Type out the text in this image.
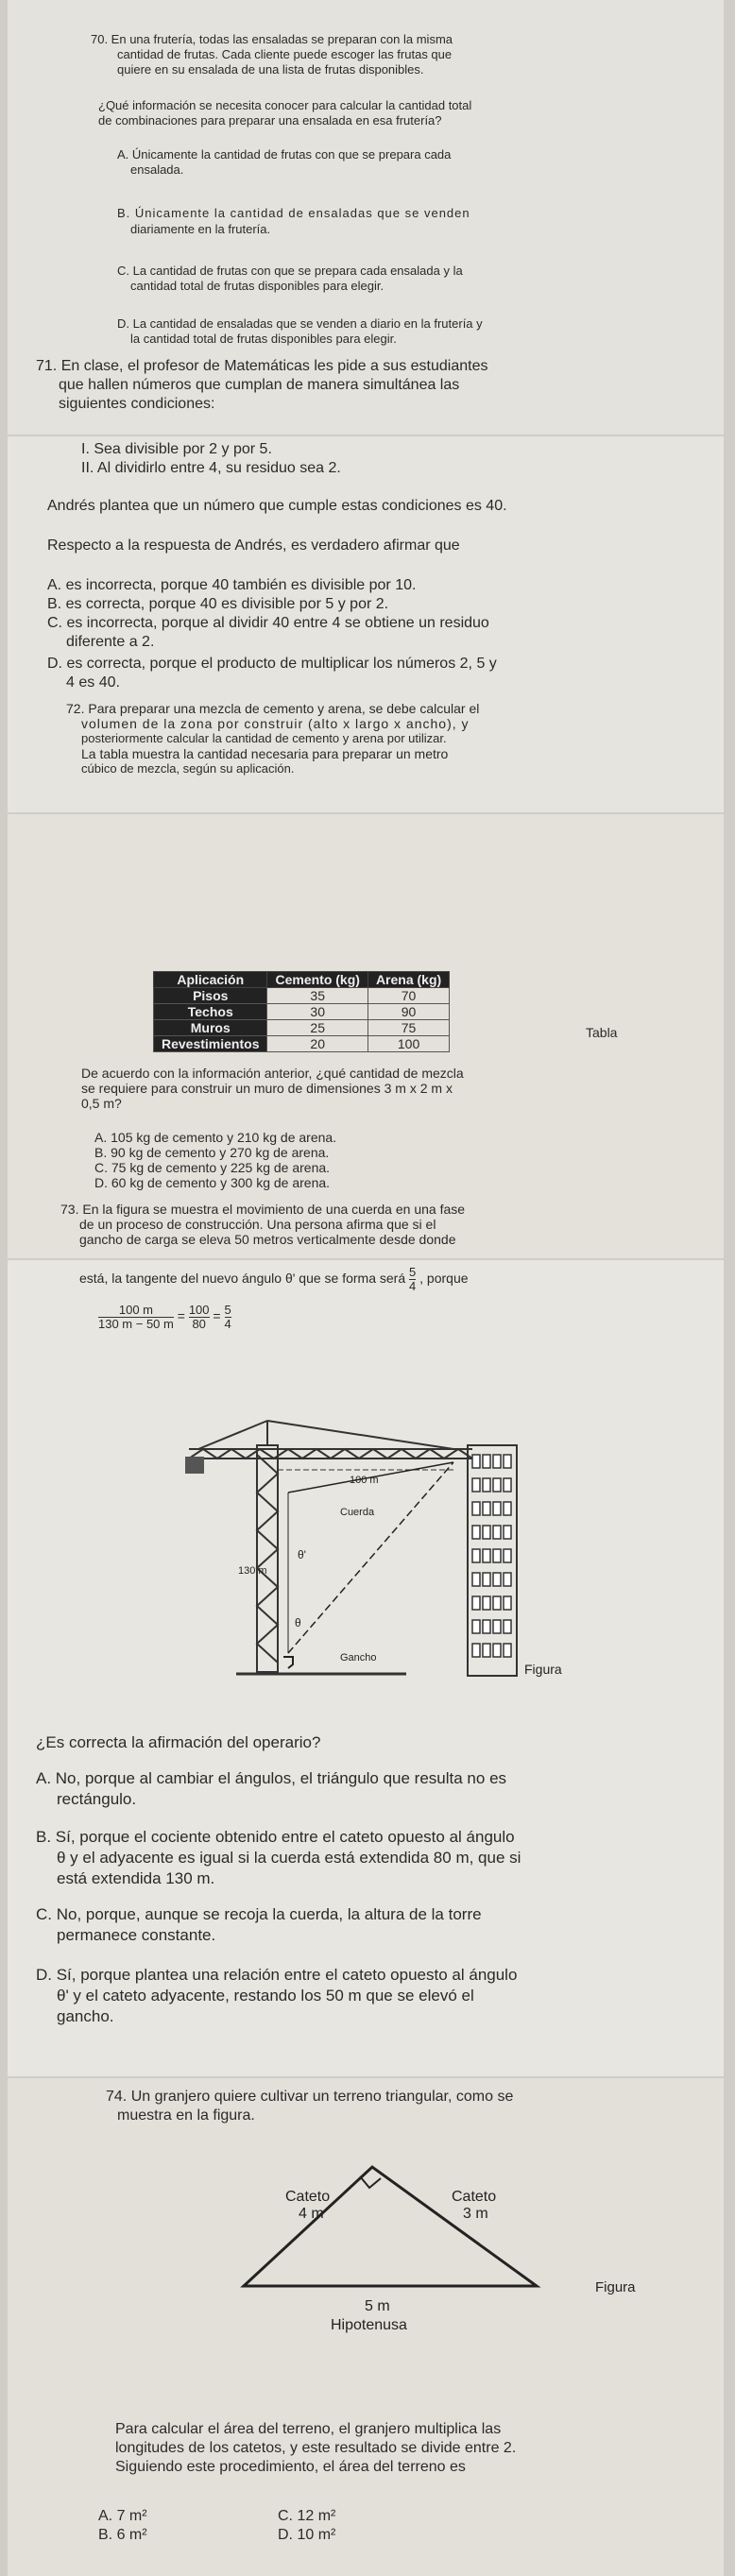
70. En una frutería, todas las ensaladas se preparan con la misma
cantidad de frutas. Cada cliente puede escoger las frutas que
quiere en su ensalada de una lista de frutas disponibles.
¿Qué información se necesita conocer para calcular la cantidad total
de combinaciones para preparar una ensalada en esa frutería?
A. Únicamente la cantidad de frutas con que se prepara cada
ensalada.
B. Únicamente la cantidad de ensaladas que se venden
diariamente en la frutería.
C. La cantidad de frutas con que se prepara cada ensalada y la
cantidad total de frutas disponibles para elegir.
D. La cantidad de ensaladas que se venden a diario en la frutería y
la cantidad total de frutas disponibles para elegir.
71. En clase, el profesor de Matemáticas les pide a sus estudiantes
que hallen números que cumplan de manera simultánea las
siguientes condiciones:
I. Sea divisible por 2 y por 5.
II. Al dividirlo entre 4, su residuo sea 2.
Andrés plantea que un número que cumple estas condiciones es 40.
Respecto a la respuesta de Andrés, es verdadero afirmar que
A. es incorrecta, porque 40 también es divisible por 10.
B. es correcta, porque 40 es divisible por 5 y por 2.
C. es incorrecta, porque al dividir 40 entre 4 se obtiene un residuo
diferente a 2.
D. es correcta, porque el producto de multiplicar los números 2, 5 y
4 es 40.
72. Para preparar una mezcla de cemento y arena, se debe calcular el
volumen de la zona por construir (alto x largo x ancho), y
posteriormente calcular la cantidad de cemento y arena por utilizar.
La tabla muestra la cantidad necesaria para preparar un metro
cúbico de mezcla, según su aplicación.
Aplicación	Cemento (kg)	Arena (kg)
Pisos	35	70
Techos	30	90
Muros	25	75
Revestimientos	20	100
Tabla
De acuerdo con la información anterior, ¿qué cantidad de mezcla
se requiere para construir un muro de dimensiones 3 m x 2 m x
0,5 m?
A. 105 kg de cemento y 210 kg de arena.
B. 90 kg de cemento y 270 kg de arena.
C. 75 kg de cemento y 225 kg de arena.
D. 60 kg de cemento y 300 kg de arena.
73. En la figura se muestra el movimiento de una cuerda en una fase
de un proceso de construcción. Una persona afirma que si el
gancho de carga se eleva 50 metros verticalmente desde donde
está, la tangente del nuevo ángulo θ' que se forma será $\frac{5}{4}$ , porque
$\frac{100 m}{130 m - 50 m} = \frac{100}{80} = \frac{5}{4}$
100 m
Cuerda
130 m
θ'
θ
Gancho
Figura
¿Es correcta la afirmación del operario?
A. No, porque al cambiar el ángulos, el triángulo que resulta no es
rectángulo.
B. Sí, porque el cociente obtenido entre el cateto opuesto al ángulo
θ y el adyacente es igual si la cuerda está extendida 80 m, que si
está extendida 130 m.
C. No, porque, aunque se recoja la cuerda, la altura de la torre
permanece constante.
D. Sí, porque plantea una relación entre el cateto opuesto al ángulo
θ' y el cateto adyacente, restando los 50 m que se elevó el
gancho.
74. Un granjero quiere cultivar un terreno triangular, como se
muestra en la figura.
Cateto
4 m
Cateto
3 m
5 m
Hipotenusa
Figura
Para calcular el área del terreno, el granjero multiplica las
longitudes de los catetos, y este resultado se divide entre 2.
Siguiendo este procedimiento, el área del terreno es
A. 7 m²
B. 6 m²
C. 12 m²
D. 10 m²
